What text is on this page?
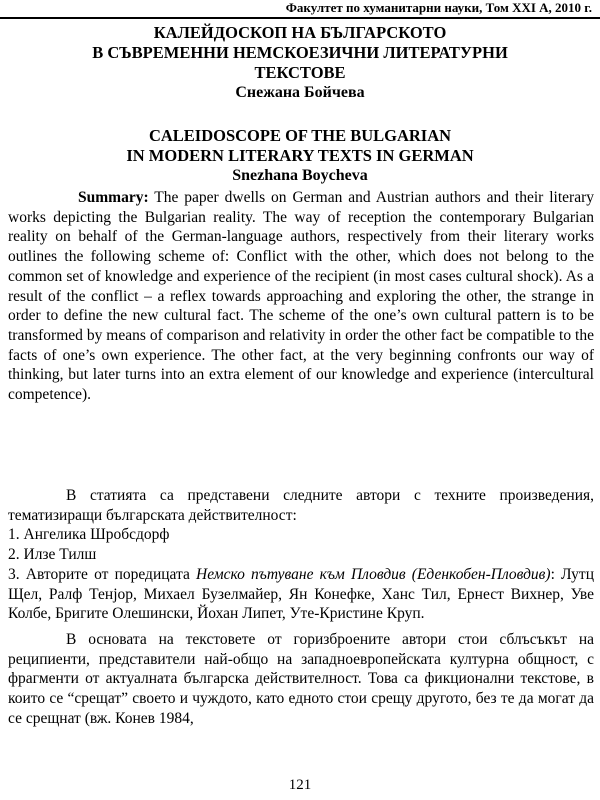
Факултет по хуманитарни науки, Том XXI А, 2010 г.
КАЛЕЙДОСКОП НА БЪЛГАРСКОТО
В СЪВРЕМЕННИ НЕМСКОЕЗИЧНИ ЛИТЕРАТУРНИ
ТЕКСТОВЕ
Снежана Бойчева
CALEIDOSCOPE OF THE BULGARIAN
IN MODERN LITERARY TEXTS IN GERMAN
Snezhana Boycheva

Summary: The paper dwells on German and Austrian authors and their literary works depicting the Bulgarian reality. The way of reception the contemporary Bulgarian reality on behalf of the German-language authors, respectively from their literary works outlines the following scheme of: Conflict with the other, which does not belong to the common set of knowledge and experience of the recipient (in most cases cultural shock). As a result of the conflict – a reflex towards approaching and exploring the other, the strange in order to define the new cultural fact. The scheme of the one’s own cultural pattern is to be transformed by means of comparison and relativity in order the other fact be compatible to the facts of one’s own experience. The other fact, at the very beginning confronts our way of thinking, but later turns into an extra element of our knowledge and experience (intercultural competence).

В статията са представени следните автори с техните произведения, тематизиращи българската действителност:

1. Ангелика Шробсдорф

2. Илзе Тилш

3. Авторите от поредицата Немско пътуване към Пловдив (Еденкобен-Пловдив): Лутц Щел, Ралф Тенјор, Михаел Бузелмайер, Ян Конефке, Ханс Тил, Ернест Вихнер, Уве Колбе, Бригите Олешински, Йохан Липет, Уте-Кристине Круп.

В основата на текстовете от горизброените автори стои сблъсъкът на реципиенти, представители най-общо на западноевропейската културна общност, с фрагменти от актуалната българска действителност. Това са фикционални текстове, в които се “срещат” своето и чуждото, като едното стои срещу другото, без те да могат да се срещнат (вж. Конев 1984,

121
